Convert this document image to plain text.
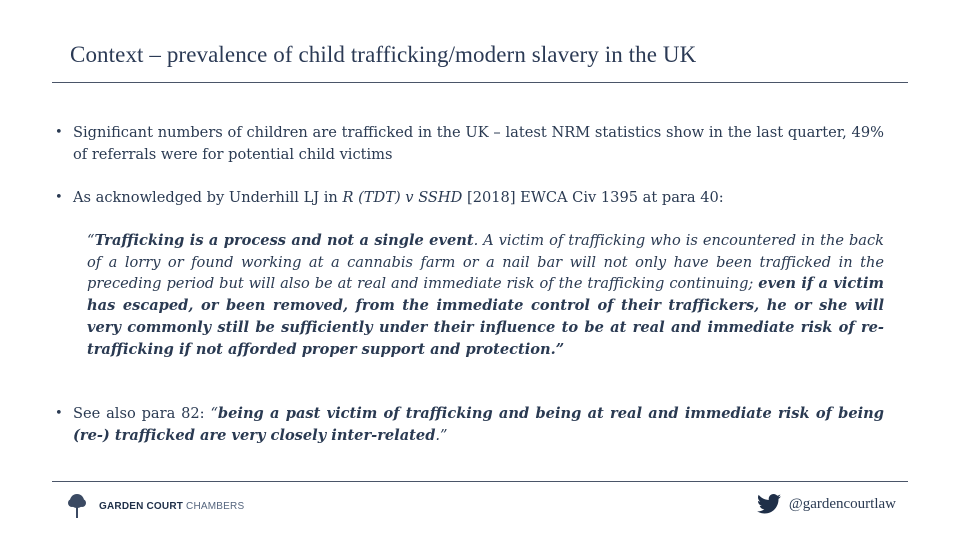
Context – prevalence of child trafficking/modern slavery in the UK
• Significant numbers of children are trafficked in the UK – latest NRM statistics show in the last quarter, 49% of referrals were for potential child victims
• As acknowledged by Underhill LJ in R (TDT) v SSHD [2018] EWCA Civ 1395 at para 40:
“Trafficking is a process and not a single event. A victim of trafficking who is encountered in the back of a lorry or found working at a cannabis farm or a nail bar will not only have been trafficked in the preceding period but will also be at real and immediate risk of the trafficking continuing; even if a victim has escaped, or been removed, from the immediate control of their traffickers, he or she will very commonly still be sufficiently under their influence to be at real and immediate risk of re-trafficking if not afforded proper support and protection.”
• See also para 82: “being a past victim of trafficking and being at real and immediate risk of being (re-) trafficked are very closely inter-related.”
GARDEN COURT CHAMBERS	@gardencourtlaw
